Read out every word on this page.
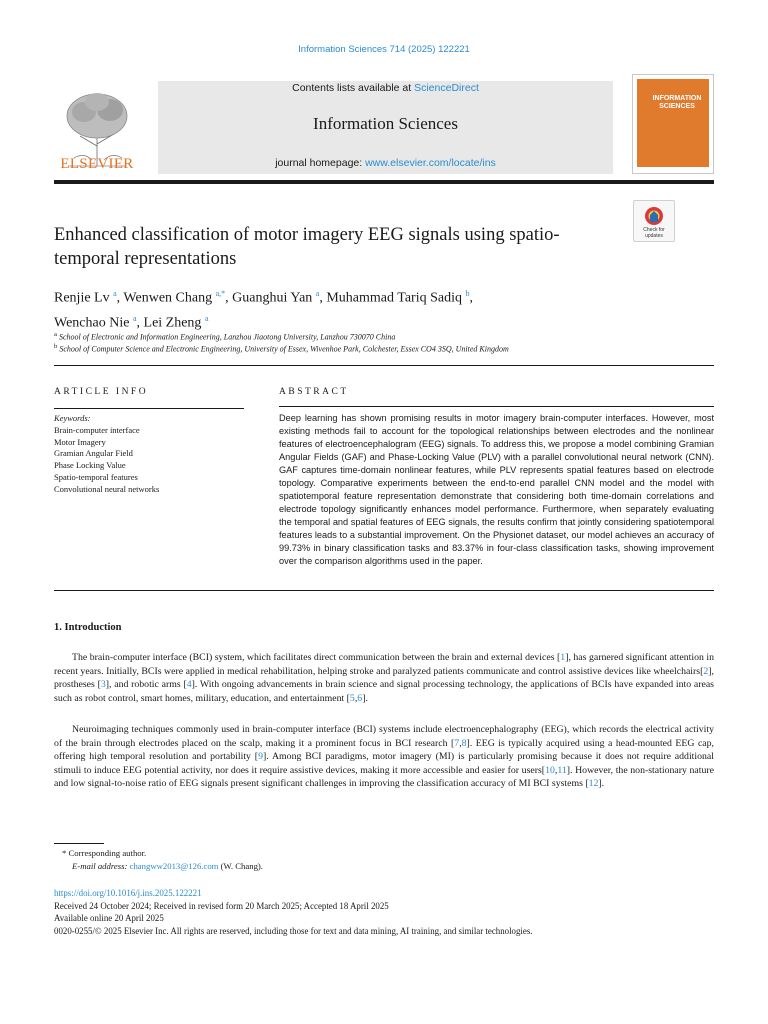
Information Sciences 714 (2025) 122221
ELSEVIER
Contents lists available at ScienceDirect
Information Sciences
journal homepage: www.elsevier.com/locate/ins
INFORMATION SCIENCES
Enhanced classification of motor imagery EEG signals using spatio-temporal representations
Check for
updates
Renjie Lv $^a$, Wenwen Chang $^{a,*}$, Guanghui Yan $^a$, Muhammad Tariq Sadiq $^b$,
Wenchao Nie $^a$, Lei Zheng $^a$
$^a$ School of Electronic and Information Engineering, Lanzhou Jiaotong University, Lanzhou 730070 China
$^b$ School of Computer Science and Electronic Engineering, University of Essex, Wivenhoe Park, Colchester, Essex CO4 3SQ, United Kingdom
ARTICLE INFO	ABSTRACT
Keywords:
Brain-computer interface
Motor Imagery
Gramian Angular Field
Phase Locking Value
Spatio-temporal features
Convolutional neural networks
Deep learning has shown promising results in motor imagery brain-computer interfaces. However, most existing methods fail to account for the topological relationships between electrodes and the nonlinear features of electroencephalogram (EEG) signals. To address this, we propose a model combining Gramian Angular Fields (GAF) and Phase-Locking Value (PLV) with a parallel convolutional neural network (CNN). GAF captures time-domain nonlinear features, while PLV represents spatial features based on electrode topology. Comparative experiments between the end-to-end parallel CNN model and the model with spatiotemporal feature representation demonstrate that considering both time-domain correlations and electrode topology significantly enhances model performance. Furthermore, when separately evaluating the temporal and spatial features of EEG signals, the results confirm that jointly considering spatiotemporal features leads to a substantial improvement. On the Physionet dataset, our model achieves an accuracy of 99.73% in binary classification tasks and 83.37% in four-class classification tasks, showing improvement over the comparison algorithms used in the paper.
1. Introduction
The brain-computer interface (BCI) system, which facilitates direct communication between the brain and external devices [1], has garnered significant attention in recent years. Initially, BCIs were applied in medical rehabilitation, helping stroke and paralyzed patients communicate and control assistive devices like wheelchairs[2], prostheses [3], and robotic arms [4]. With ongoing advancements in brain science and signal processing technology, the applications of BCIs have expanded into areas such as robot control, smart homes, military, education, and entertainment [5,6].
Neuroimaging techniques commonly used in brain-computer interface (BCI) systems include electroencephalography (EEG), which records the electrical activity of the brain through electrodes placed on the scalp, making it a prominent focus in BCI research [7,8]. EEG is typically acquired using a head-mounted EEG cap, offering high temporal resolution and portability [9]. Among BCI paradigms, motor imagery (MI) is particularly promising because it does not require additional stimuli to induce EEG potential activity, nor does it require assistive devices, making it more accessible and easier for users[10,11]. However, the non-stationary nature and low signal-to-noise ratio of EEG signals present significant challenges in improving the classification accuracy of MI BCI systems [12].
* Corresponding author.
E-mail address: changww2013@126.com (W. Chang).
https://doi.org/10.1016/j.ins.2025.122221
Received 24 October 2024; Received in revised form 20 March 2025; Accepted 18 April 2025
Available online 20 April 2025
0020-0255/© 2025 Elsevier Inc. All rights are reserved, including those for text and data mining, AI training, and similar technologies.
